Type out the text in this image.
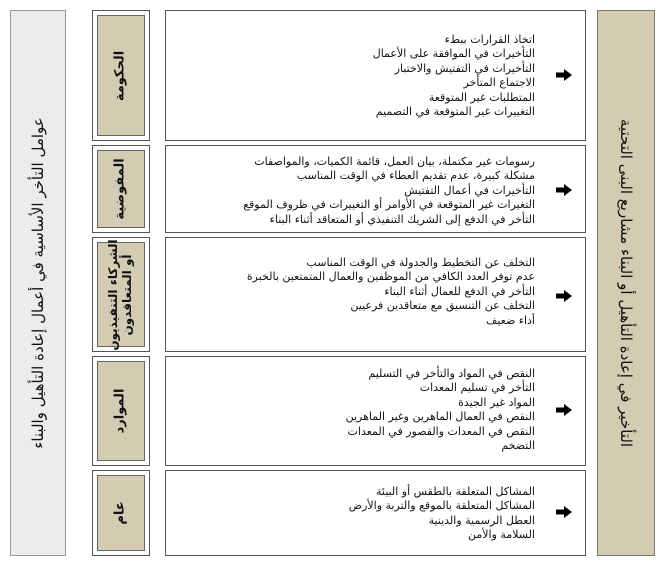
عوامل التأخر الأساسية في أعمال إعادة التأهيل والبناء
الحكومة
اتخاذ القرارات ببطء
التأخيرات في الموافقة على الأعمال
التأخيرات في التفتيش والاختبار
الاجتماع المتأخر
المتطلبات غير المتوقعة
التغييرات غير المتوقعة في التصميم
المفوضية	رسومات غير مكتملة، بيان العمل، قائمة الكميات، والمواصفات
مشكلة كبيرة، عدم تقديم العطاء في الوقت المناسب
التأخيرات في أعمال التفتيش
التغيرات غير المتوقعة في الأوامر أو التغييرات في ظروف الموقع
التأخر في الدفع إلى الشريك التنفيذي أو المتعاقد أثناء البناء
الشركاء التنفيذيون أو المتعاقدون	التخلف عن التخطيط والجدولة في الوقت المناسب
عدم توفر العدد الكافي من الموظفين والعمال المتمتعين بالخبرة
التأخر في الدفع للعمال أثناء البناء
التخلف عن التنسيق مع متعاقدين فرعيين
أداء ضعيف
الموارد
النقص في المواد والتأخر في التسليم
التأخر في تسليم المعدات
المواد غير الجيدة
النقص في العمال الماهرين وغير الماهرين
النقص في المعدات والقصور في المعدات
التضخم
عام
المشاكل المتعلقة بالطقس أو البيئة
المشاكل المتعلقة بالموقع والتربة والأرض
العطل الرسمية والدينية
السلامة والأمن
التأخير في إعادة التأهيل أو البناء مشاريع البنى التحتية
